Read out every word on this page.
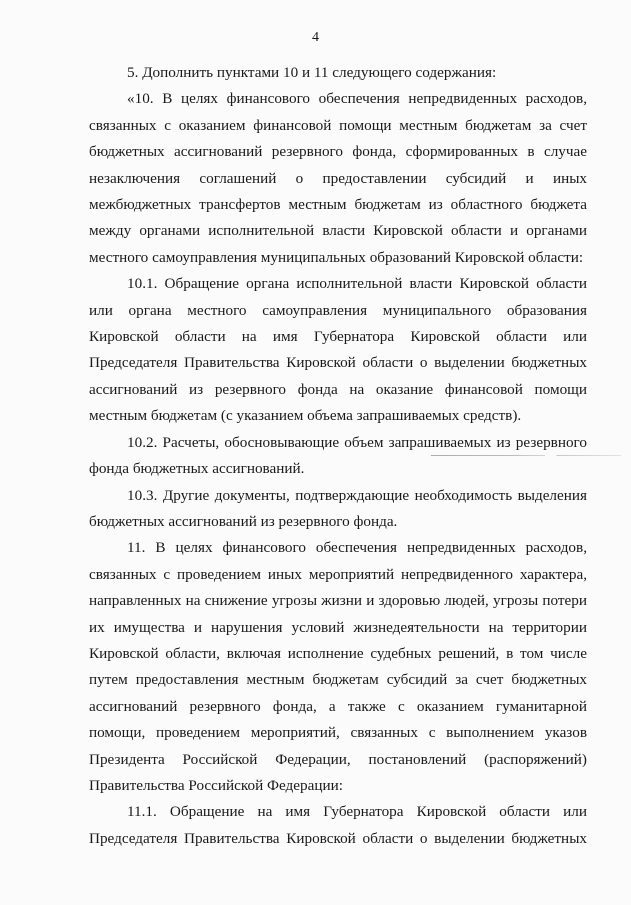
4

5. Дополнить пунктами 10 и 11 следующего содержания:

«10. В целях финансового обеспечения непредвиденных расходов, связанных с оказанием финансовой помощи местным бюджетам за счет бюджетных ассигнований резервного фонда, сформированных в случае незаключения соглашений о предоставлении субсидий и иных межбюджетных трансфертов местным бюджетам из областного бюджета между органами исполнительной власти Кировской области и органами местного самоуправления муниципальных образований Кировской области:

10.1. Обращение органа исполнительной власти Кировской области или органа местного самоуправления муниципального образования Кировской области на имя Губернатора Кировской области или Председателя Правительства Кировской области о выделении бюджетных ассигнований из резервного фонда на оказание финансовой помощи местным бюджетам (с указанием объема запрашиваемых средств).

10.2. Расчеты, обосновывающие объем запрашиваемых из резервного фонда бюджетных ассигнований.

10.3. Другие документы, подтверждающие необходимость выделения бюджетных ассигнований из резервного фонда.

11. В целях финансового обеспечения непредвиденных расходов, связанных с проведением иных мероприятий непредвиденного характера, направленных на снижение угрозы жизни и здоровью людей, угрозы потери их имущества и нарушения условий жизнедеятельности на территории Кировской области, включая исполнение судебных решений, в том числе путем предоставления местным бюджетам субсидий за счет бюджетных ассигнований резервного фонда, а также с оказанием гуманитарной помощи, проведением мероприятий, связанных с выполнением указов Президента Российской Федерации, постановлений (распоряжений) Правительства Российской Федерации:

11.1. Обращение на имя Губернатора Кировской области или Председателя Правительства Кировской области о выделении бюджетных
